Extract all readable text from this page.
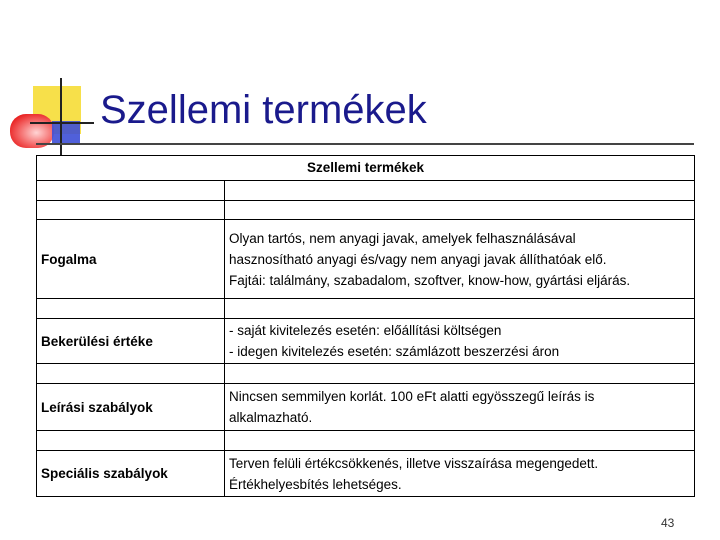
Szellemi termékek
Szellemi termékek	

Fogalma	Olyan tartós, nem anyagi javak, amelyek felhasználásával
hasznosítható anyagi és/vagy nem anyagi javak állíthatóak elő.
Fajtái: találmány, szabadalom, szoftver, know-how, gyártási eljárás.

Bekerülési értéke	- saját kivitelezés esetén: előállítási költségen
- idegen kivitelezés esetén: számlázott beszerzési áron

Leírási szabályok	Nincsen semmilyen korlát. 100 eFt alatti egyösszegű leírás is
alkalmazható.

Speciális szabályok	Terven felüli értékcsökkenés, illetve visszaírása megengedett.
Értékhelyesbítés lehetséges.
43
